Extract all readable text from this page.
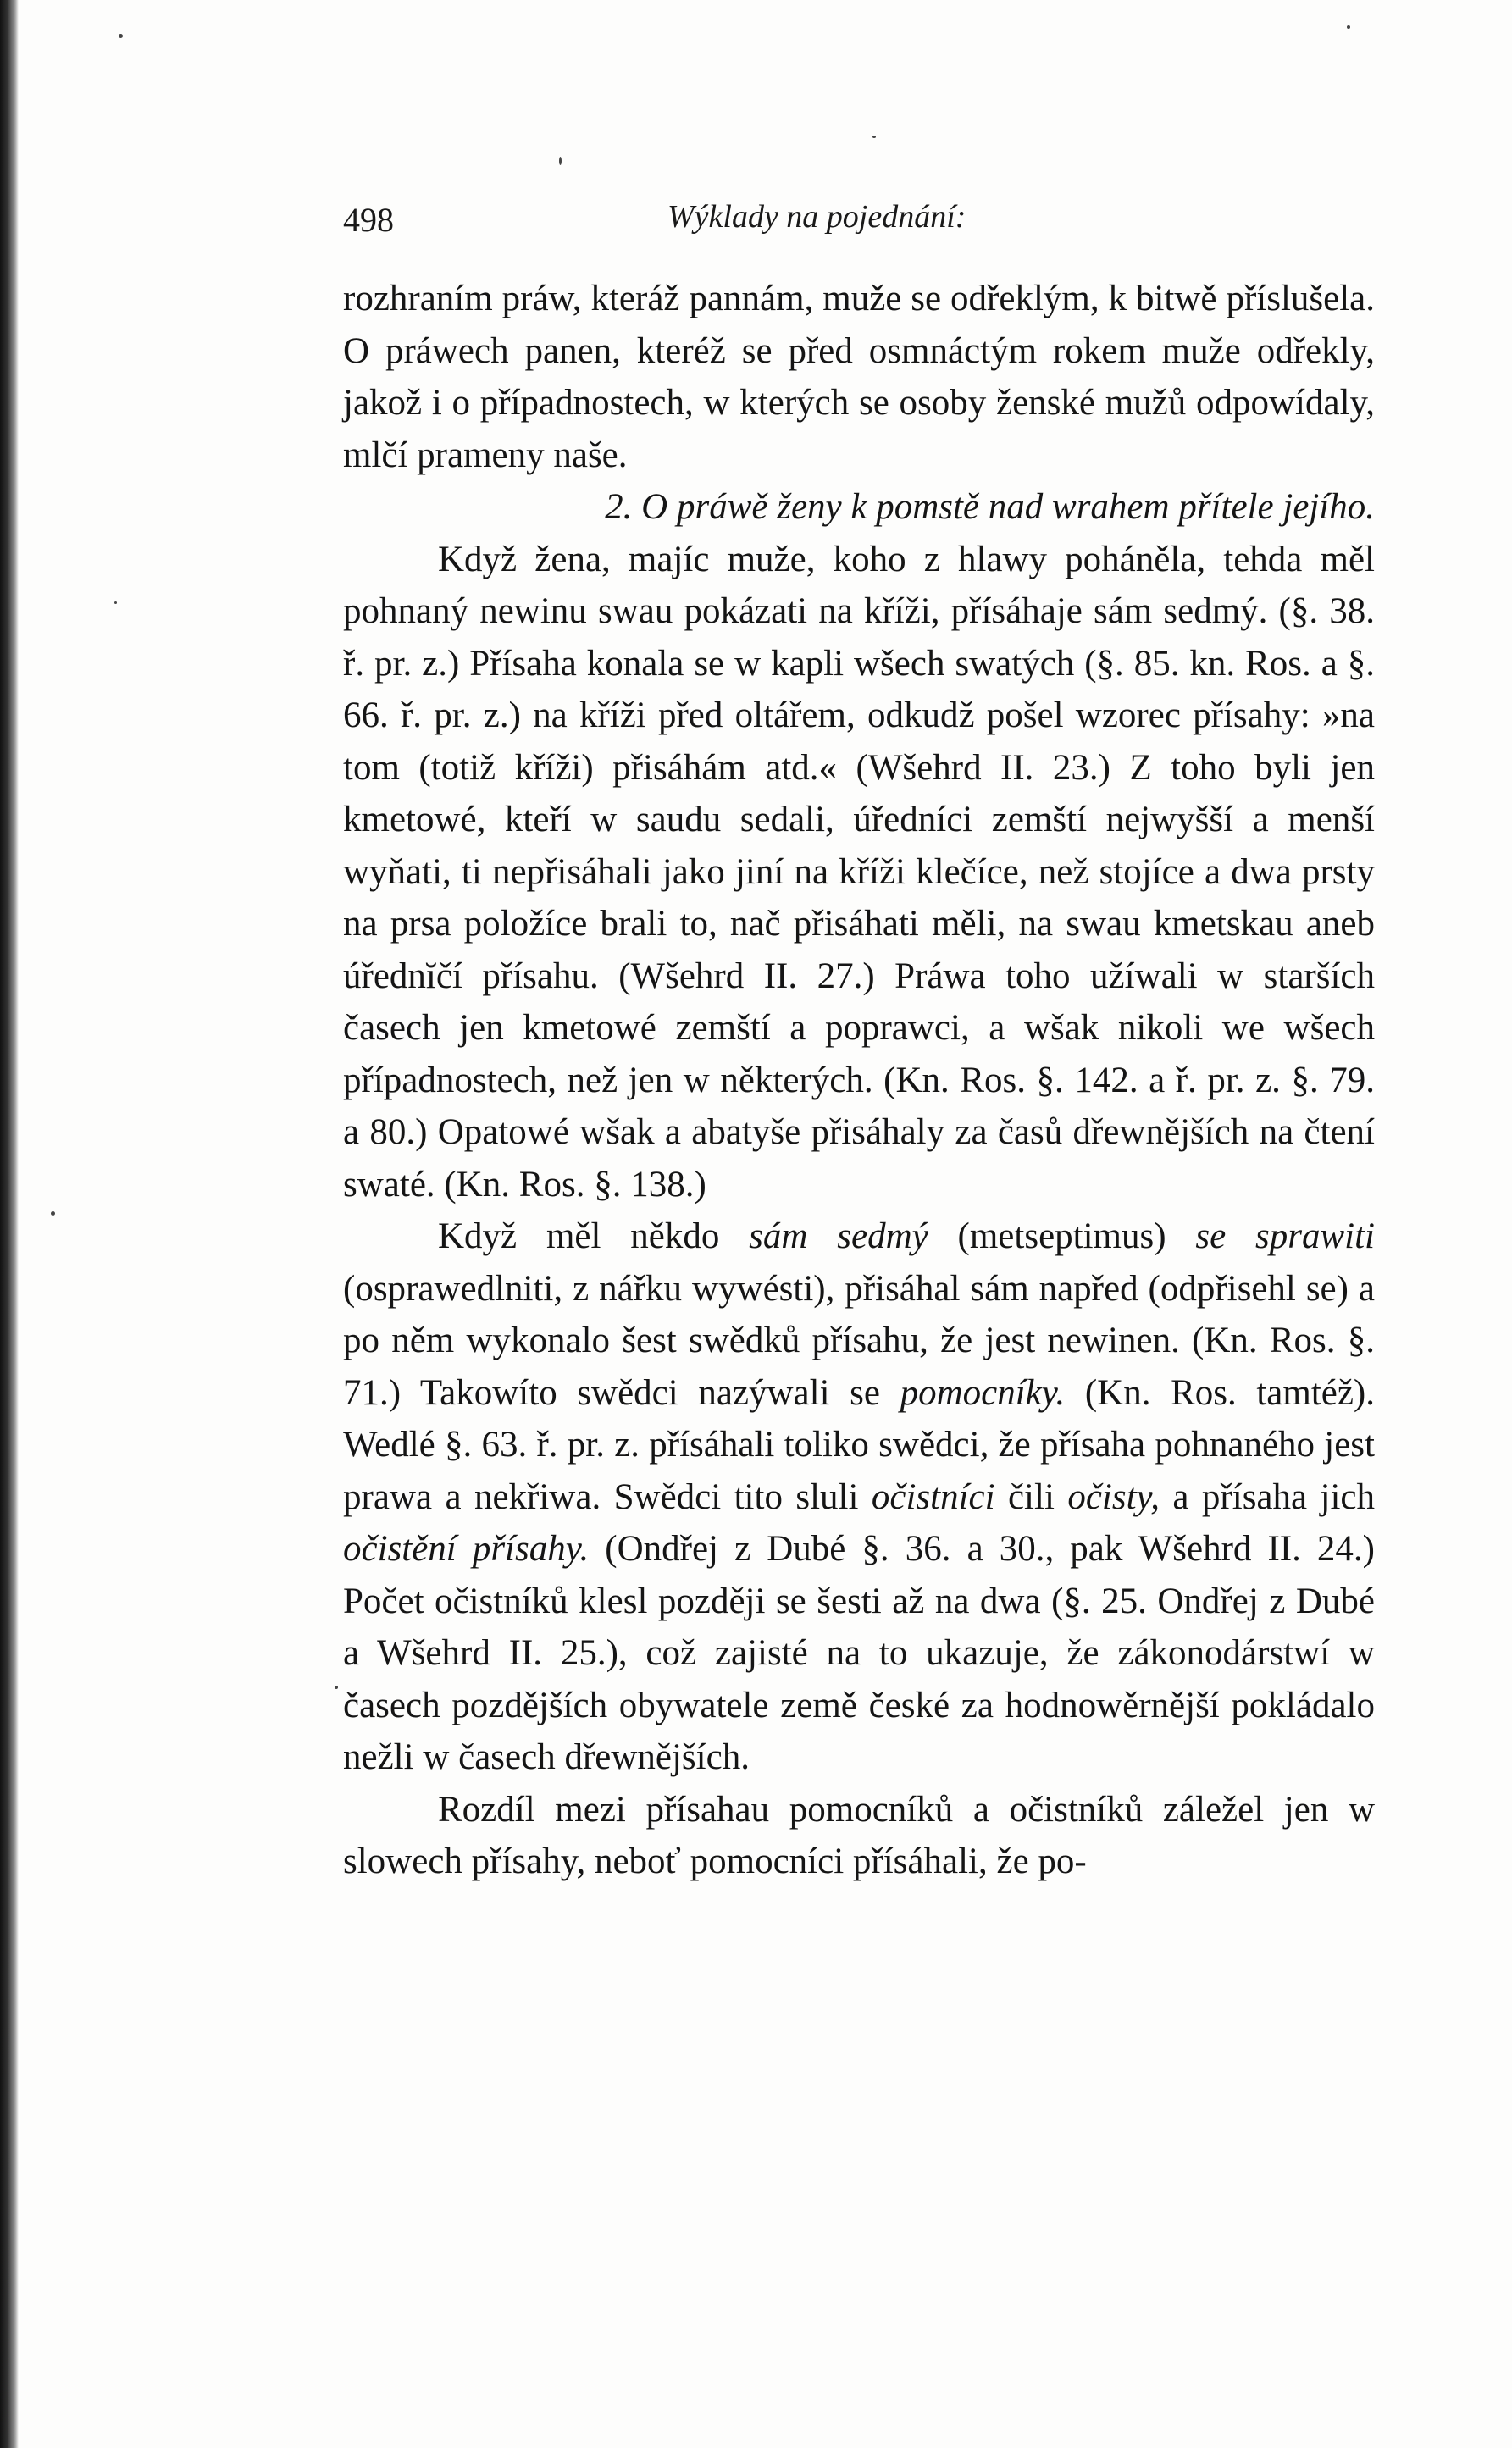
498	Wýklady na pojednání:

rozhraním práw, kteráž pannám, muže se odřeklým, k bitwě příslušela. O práwech panen, kteréž se před osmnáctým rokem muže odřekly, jakož i o případnostech, w kterých se osoby ženské mužů odpowídaly, mlčí prameny naše.

2. O práwě ženy k pomstě nad wrahem přítele jejího.

Když žena, majíc muže, koho z hlawy poháněla, tehda měl pohnaný newinu swau pokázati na kříži, přísáhaje sám sedmý. (§. 38. ř. pr. z.) Přísaha konala se w kapli wšech swatých (§. 85. kn. Ros. a §. 66. ř. pr. z.) na kříži před oltářem, odkudž pošel wzorec přísahy: »na tom (totiž kříži) přisáhám atd.« (Wšehrd II. 23.) Z toho byli jen kmetowé, kteří w saudu sedali, úředníci zemští nejwyšší a menší wyňati, ti nepřisáhali jako jiní na kříži klečíce, než stojíce a dwa prsty na prsa položíce brali to, nač přisáhati měli, na swau kmetskau aneb úřednĭčí přísahu. (Wšehrd II. 27.) Práwa toho užíwali w starších časech jen kmetowé zemští a poprawci, a wšak nikoli we wšech případnostech, než jen w některých. (Kn. Ros. §. 142. a ř. pr. z. §. 79. a 80.) Opatowé wšak a abatyše přisáhaly za časů dřewnějších na čtení swaté. (Kn. Ros. §. 138.)

Když měl někdo sám sedmý (metseptimus) se sprawiti (osprawedlniti, z nářku wywésti), přisáhal sám napřed (odpřisehl se) a po něm wykonalo šest swědků přísahu, že jest newinen. (Kn. Ros. §. 71.) Takowíto swědci nazýwali se pomocníky. (Kn. Ros. tamtéž). Wedlé §. 63. ř. pr. z. přísáhali toliko swědci, že přísaha pohnaného jest prawa a nekřiwa. Swědci tito sluli očistníci čili očisty, a přísaha jich očistění přísahy. (Ondřej z Dubé §. 36. a 30., pak Wšehrd II. 24.) Počet očistníků klesl později se šesti až na dwa (§. 25. Ondřej z Dubé a Wšehrd II. 25.), což zajisté na to ukazuje, že zákonodárstwí w časech pozdějších obywatele země české za hodnowěrnější pokládalo nežli w časech dřewnějších.

Rozdíl mezi přísahau pomocníků a očistníků záležel jen w slowech přísahy, neboť pomocníci přísáhali, že po-
